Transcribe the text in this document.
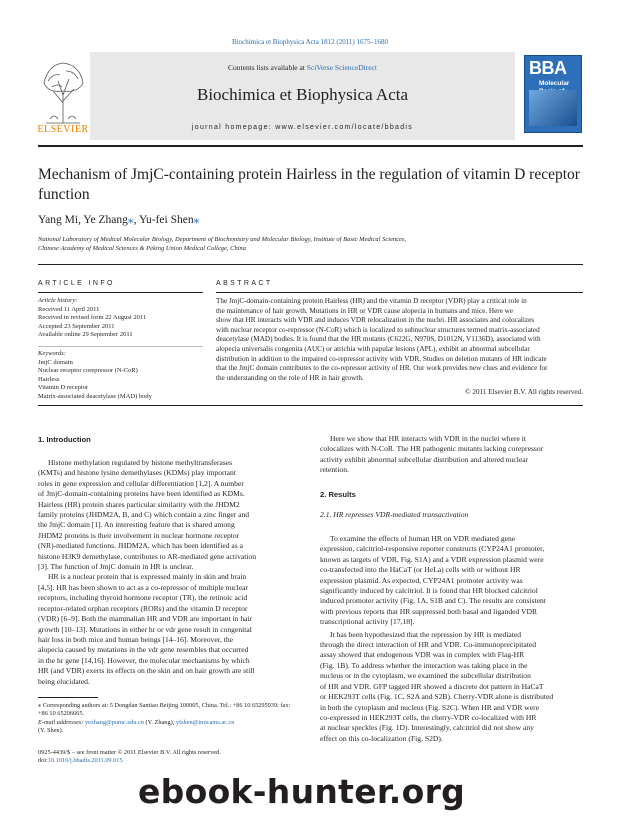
Biochimica et Biophysica Acta 1812 (2011) 1675–1680
Contents lists available at SciVerse ScienceDirect
Biochimica et Biophysica Acta
journal homepage: www.elsevier.com/locate/bbadis
ELSEVIER
BBA
Molecular
Mechanism of JmjC-containing protein Hairless in the regulation of vitamin D receptor function
Yang Mi, Ye Zhang⁎, Yu-fei Shen⁎
National Laboratory of Medical Molecular Biology, Department of Biochemistry and Molecular Biology, Institute of Basic Medical Sciences,
Chinese Academy of Medical Sciences & Peking Union Medical College, China
ARTICLE INFO
Article history:
Received 11 April 2011
Received in revised form 22 August 2011
Accepted 23 September 2011
Available online 29 September 2011
Keywords:
JmjC domain
Nuclear receptor corepressor (N-CoR)
Hairless
Vitamin D receptor
Matrix-associated deacetylase (MAD) body
ABSTRACT
The JmjC-domain-containing protein Hairless (HR) and the vitamin D receptor (VDR) play a critical role in
the maintenance of hair growth. Mutations in HR or VDR cause alopecia in humans and mice. Here we
show that HR interacts with VDR and induces VDR relocalization in the nuclei. HR associates and colocalizes
with nuclear receptor co-repressor (N-CoR) which is localized to subnuclear structures termed matrix-associated
deacetylase (MAD) bodies. It is found that the HR mutants (C622G, N970S, D1012N, V1136D), associated with
alopecia universalis congenita (AUC) or atrichia with papular lesions (APL), exhibit an abnormal subcellular
distribution in addition to the impaired co-repressor activity with VDR. Studies on deletion mutants of HR indicate
that the JmjC domain contributes to the co-repressor activity of HR. Our work provides new clues and evidence for
the understanding on the role of HR in hair growth.
© 2011 Elsevier B.V. All rights reserved.
1. Introduction
Histone methylation regulated by histone methyltransferases
(KMTs) and histone lysine demethylases (KDMs) play important
roles in gene expression and cellular differentiation [1,2]. A number
of JmjC-domain-containing proteins have been identified as KDMs.
Hairless (HR) protein shares particular similarity with the JHDM2
family proteins (JHDM2A, B, and C) which contain a zinc finger and
the JmjC domain [1]. An interesting feature that is shared among
JHDM2 proteins is their involvement in nuclear hormone receptor
(NR)-mediated functions. JHDM2A, which has been identified as a
histone H3K9 demethylase, contributes to AR-mediated gene activation
[3]. The function of JmjC domain in HR is unclear.
HR is a nuclear protein that is expressed mainly in skin and brain
[4,5]. HR has been shown to act as a co-repressor of multiple nuclear
receptors, including thyroid hormone receptor (TR), the retinoic acid
receptor-related orphan receptors (RORs) and the vitamin D receptor
(VDR) [6–9]. Both the mammalian HR and VDR are important in hair
growth [10–13]. Mutations in either hr or vdr gene result in congenital
hair loss in both mice and human beings [14–16]. Moreover, the
alopecia caused by mutations in the vdr gene resembles that occurred
in the hr gene [14,16]. However, the molecular mechanisms by which
HR (and VDR) exerts its effects on the skin and on hair growth are still
being elucidated.
⁎ Corresponding authors at: 5 Dongdan Santiao Beijing 100005, China. Tel.: +86 10 65295939; fax: +86 10 65206665.
E-mail addresses: yezhang@pumc.edu.cn (Y. Zhang), yfshen@imicams.ac.cn
(Y. Shen).
0925-4439/$ – see front matter © 2011 Elsevier B.V. All rights reserved.
doi:10.1016/j.bbadis.2011.09.015
Here we show that HR interacts with VDR in the nuclei where it
colocalizes with N-CoR. The HR pathogenic mutants lacking corepressor
activity exhibit abnormal subcellular distribution and altered nuclear
retention.
2. Results
2.1. HR represses VDR-mediated transactivation
To examine the effects of human HR on VDR mediated gene
expression, calcitriol-responsive reporter constructs (CYP24A1 promoter,
known as targets of VDR, Fig. S1A) and a VDR expression plasmid were
co-transfected into the HaCaT (or HeLa) cells with or without HR
expression plasmid. As expected, CYP24A1 promoter activity was
significantly induced by calcitriol. It is found that HR blocked calcitriol
induced promoter activity (Fig. 1A, S1B and C). The results are consistent
with previous reports that HR suppressed both basal and liganded VDR
transcriptional activity [17,18].
It has been hypothesized that the repression by HR is mediated
through the direct interaction of HR and VDR. Co-immunoprecipitated
assay showed that endogenous VDR was in complex with Flag-HR
(Fig. 1B). To address whether the interaction was taking place in the
nucleus or in the cytoplasm, we examined the subcellular distribution
of HR and VDR. GFP tagged HR showed a discrete dot pattern in HaCaT
or HEK293T cells (Fig. 1C, S2A and S2B). Cherry-VDR alone is distributed
in both the cytoplasm and nucleus (Fig. S2C). When HR and VDR were
co-expressed in HEK293T cells, the cherry-VDR co-localized with HR
at nuclear speckles (Fig. 1D). Interestingly, calcitriol did not show any
effect on this co-localization (Fig. S2D).
ebook-hunter.org
